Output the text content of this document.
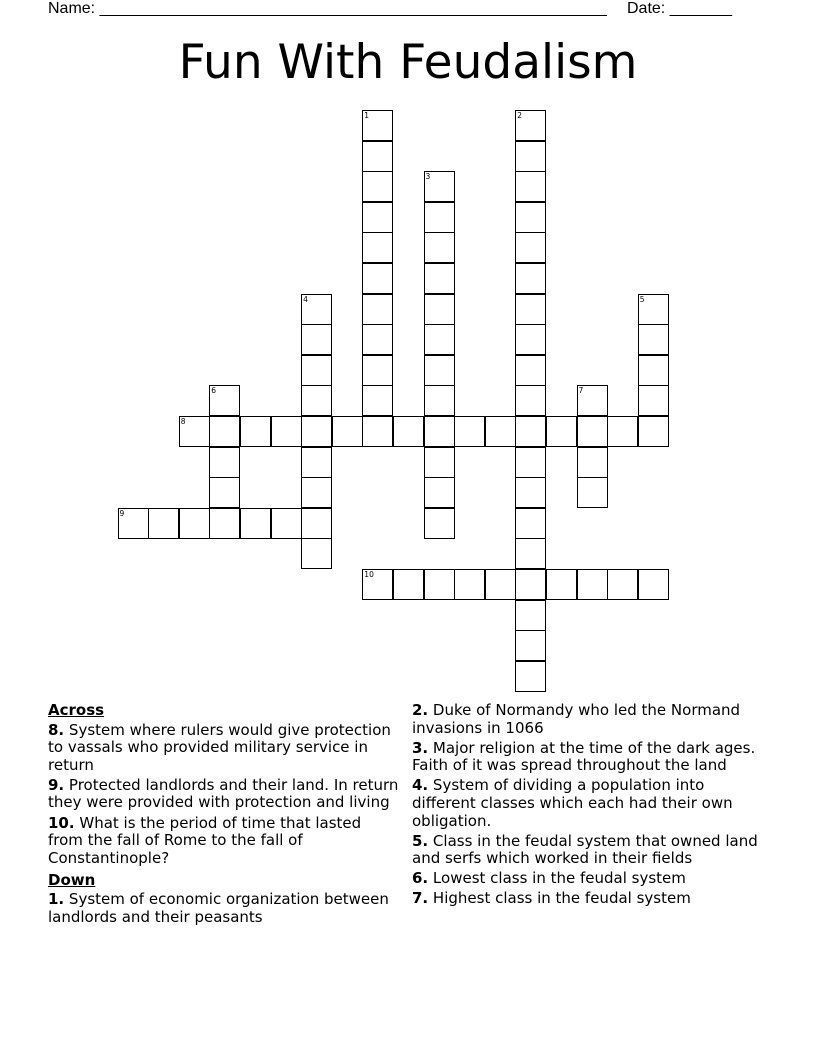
Name: _________________________________________________________ Date: _______
Fun With Feudalism
1	2
3
4	5
6	7
8
9
10
Across
8. System where rulers would give protection to vassals who provided military service in return
9. Protected landlords and their land. In return they were provided with protection and living
10. What is the period of time that lasted from the fall of Rome to the fall of Constantinople?
Down
1. System of economic organization between landlords and their peasants
2. Duke of Normandy who led the Normand invasions in 1066
3. Major religion at the time of the dark ages. Faith of it was spread throughout the land
4. System of dividing a population into different classes which each had their own obligation.
5. Class in the feudal system that owned land and serfs which worked in their fields
6. Lowest class in the feudal system
7. Highest class in the feudal system
